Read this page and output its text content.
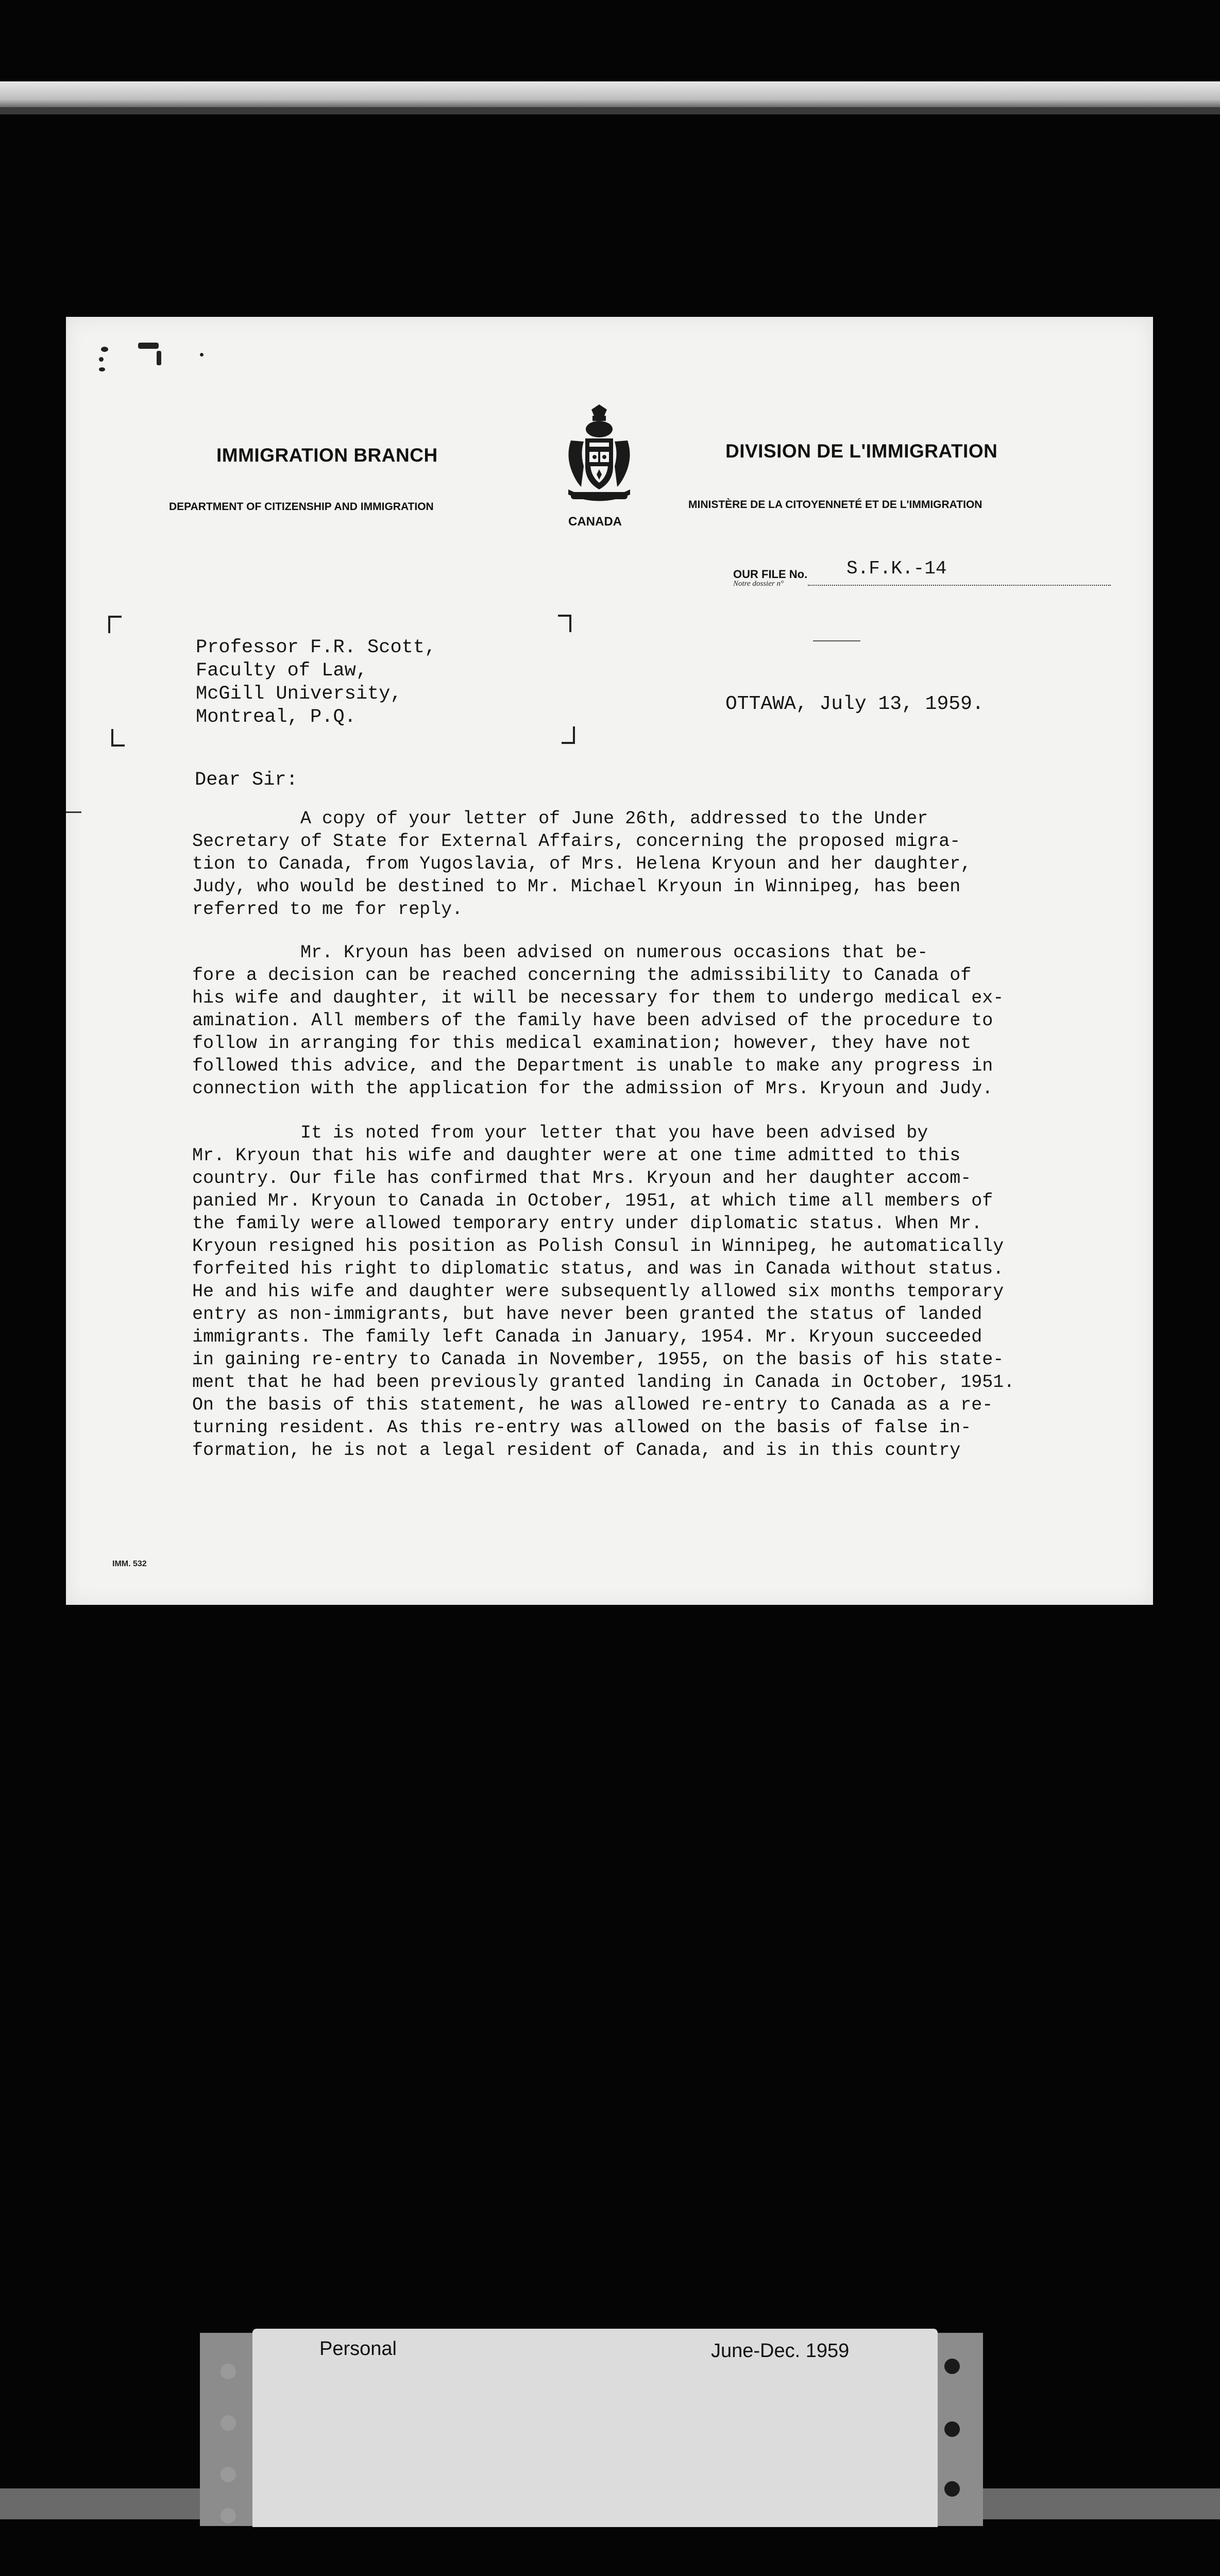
IMMIGRATION BRANCH
DEPARTMENT OF CITIZENSHIP AND IMMIGRATION
CANADA
DIVISION DE L'IMMIGRATION
MINISTÈRE DE LA CITOYENNETÉ ET DE L'IMMIGRATION
OUR FILE No.
Notre dossier n°
S.F.K.-14
Professor F.R. Scott,
Faculty of Law,
McGill University,
Montreal, P.Q.
OTTAWA, July 13, 1959.
Dear Sir:

A copy of your letter of June 26th, addressed to the Under

Secretary of State for External Affairs, concerning the proposed migra-

tion to Canada, from Yugoslavia, of Mrs. Helena Kryoun and her daughter,

Judy, who would be destined to Mr. Michael Kryoun in Winnipeg, has been

referred to me for reply.

Mr. Kryoun has been advised on numerous occasions that be-

fore a decision can be reached concerning the admissibility to Canada of

his wife and daughter, it will be necessary for them to undergo medical ex-

amination. All members of the family have been advised of the procedure to

follow in arranging for this medical examination; however, they have not

followed this advice, and the Department is unable to make any progress in

connection with the application for the admission of Mrs. Kryoun and Judy.

It is noted from your letter that you have been advised by

Mr. Kryoun that his wife and daughter were at one time admitted to this

country. Our file has confirmed that Mrs. Kryoun and her daughter accom-

panied Mr. Kryoun to Canada in October, 1951, at which time all members of

the family were allowed temporary entry under diplomatic status. When Mr.

Kryoun resigned his position as Polish Consul in Winnipeg, he automatically

forfeited his right to diplomatic status, and was in Canada without status.

He and his wife and daughter were subsequently allowed six months temporary

entry as non-immigrants, but have never been granted the status of landed

immigrants. The family left Canada in January, 1954. Mr. Kryoun succeeded

in gaining re-entry to Canada in November, 1955, on the basis of his state-

ment that he had been previously granted landing in Canada in October, 1951.

On the basis of this statement, he was allowed re-entry to Canada as a re-

turning resident. As this re-entry was allowed on the basis of false in-

formation, he is not a legal resident of Canada, and is in this country

IMM. 532
Personal	June-Dec. 1959
